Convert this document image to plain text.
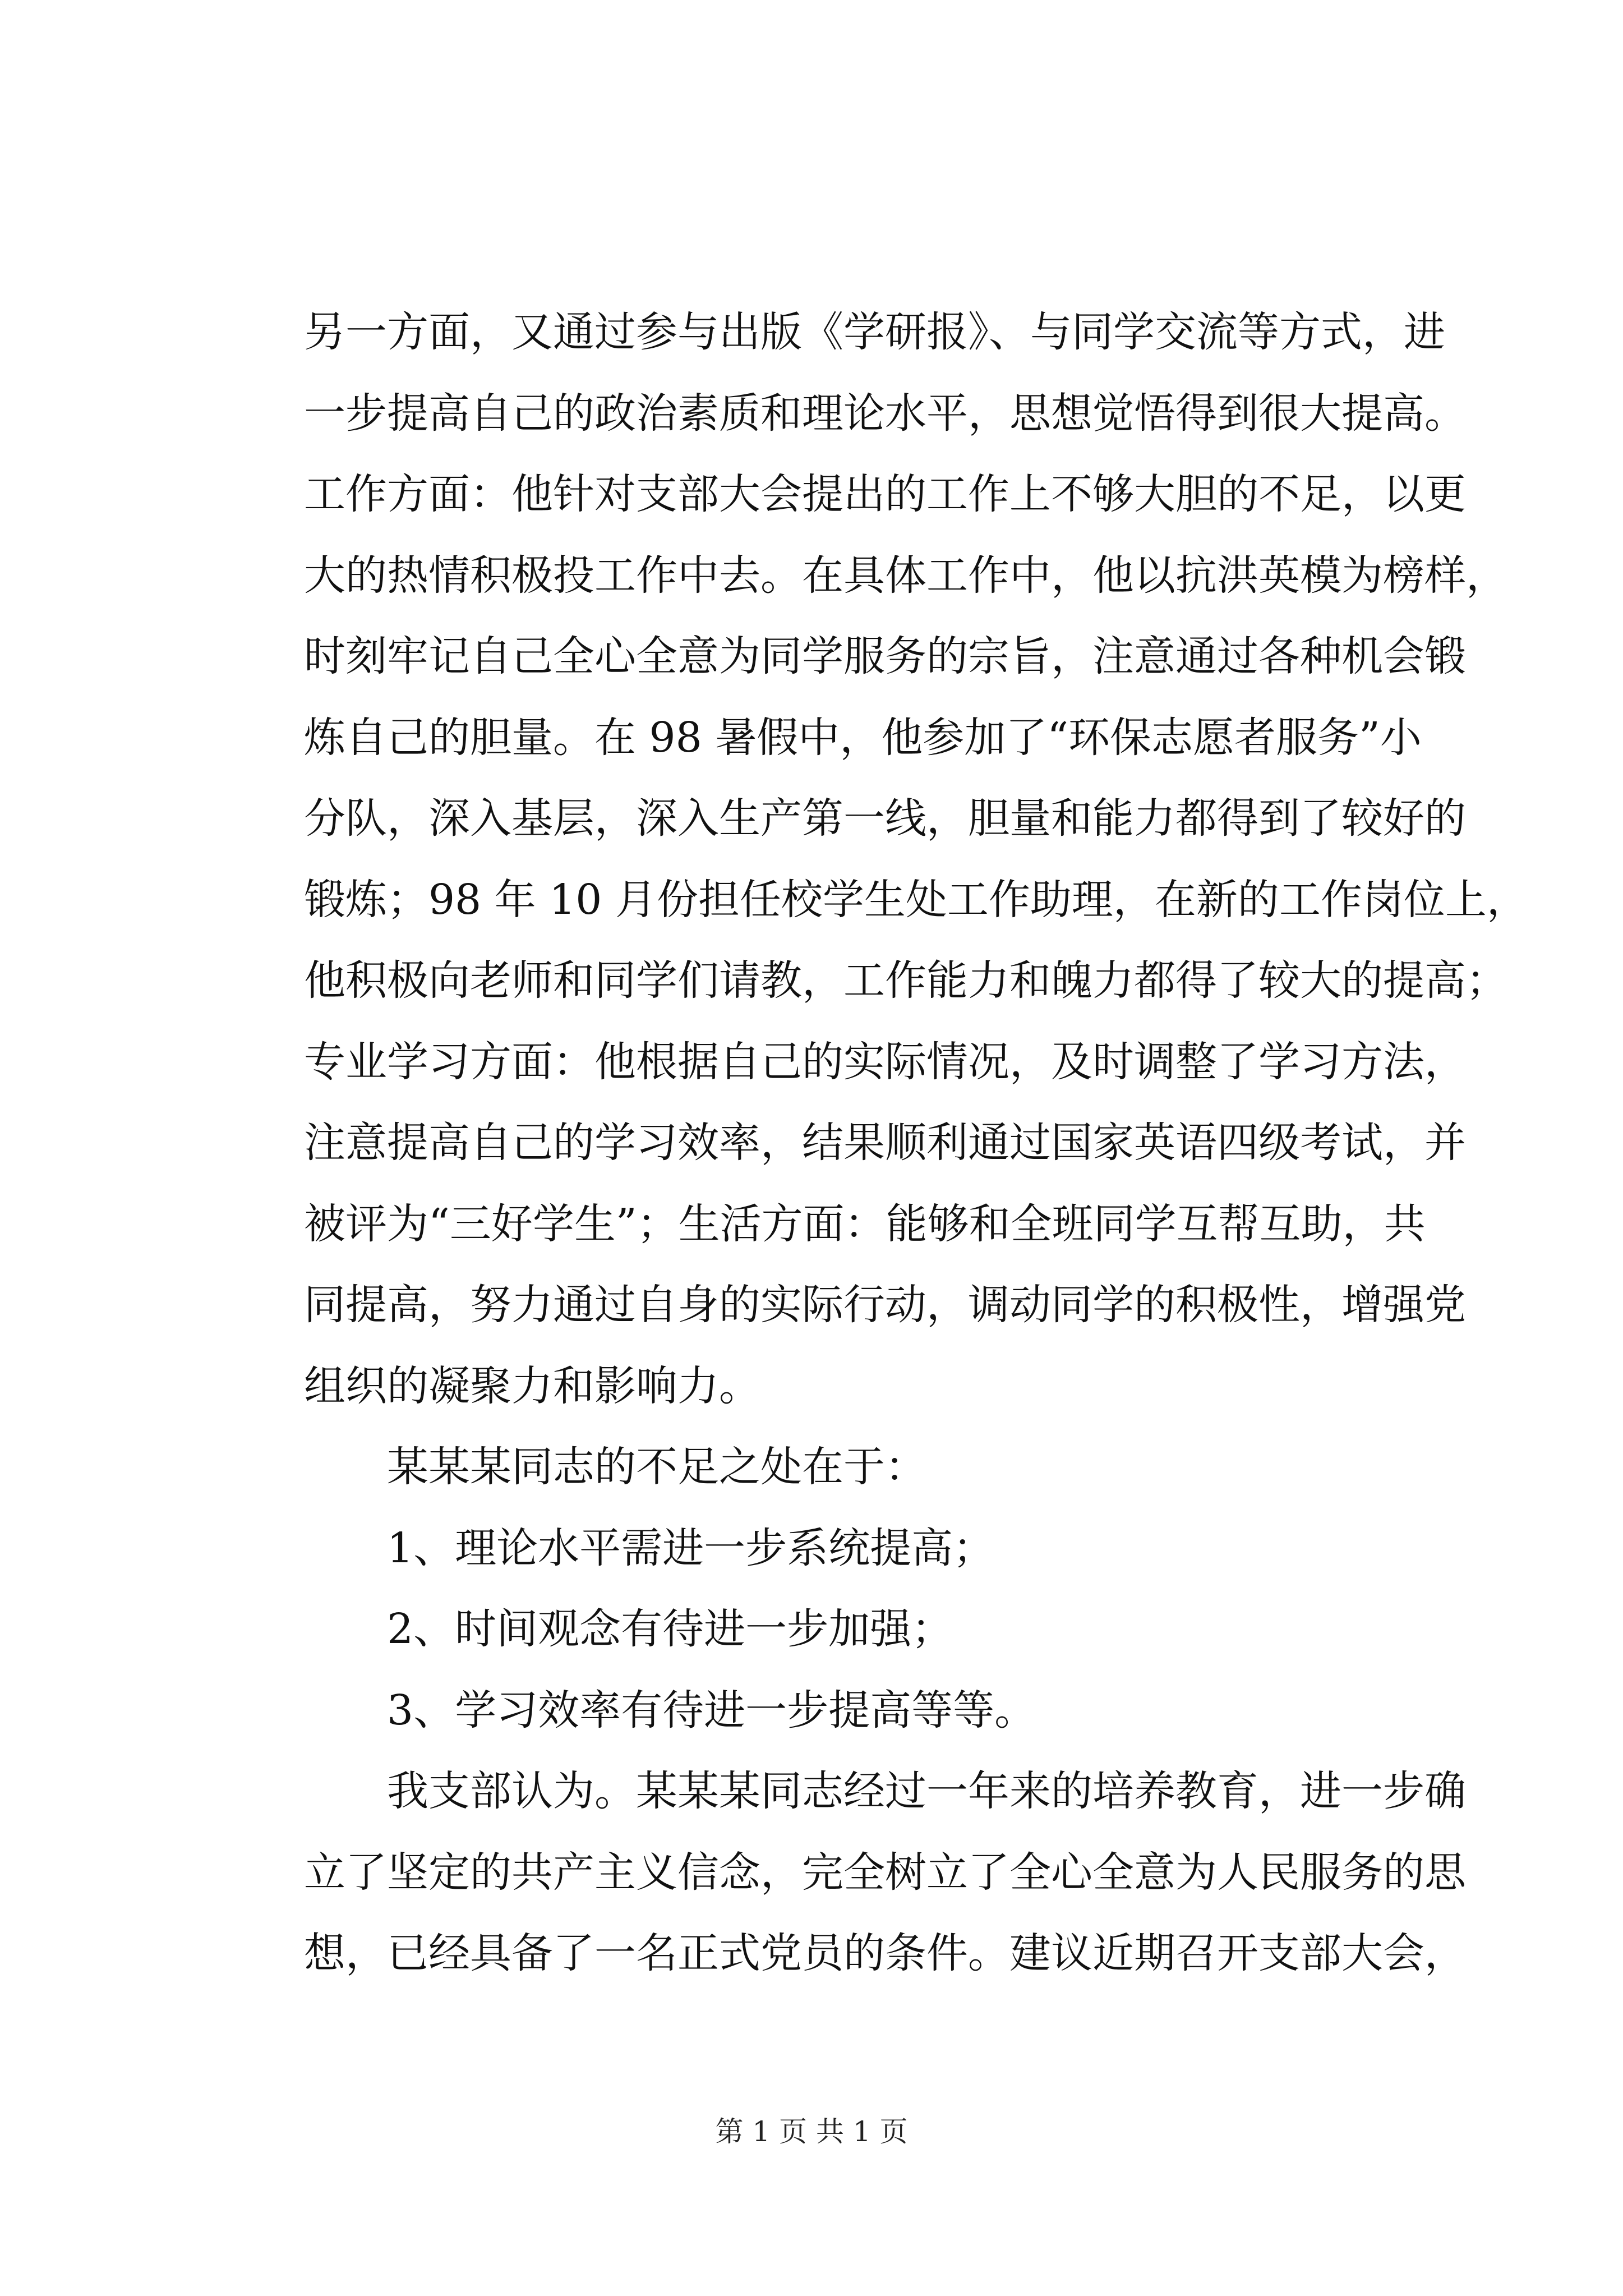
另一方面，又通过参与出版《学研报》、与同学交流等方式，进
一步提高自己的政治素质和理论水平，思想觉悟得到很大提高。
工作方面：他针对支部大会提出的工作上不够大胆的不足，以更
大的热情积极投工作中去。在具体工作中，他以抗洪英模为榜样，
时刻牢记自己全心全意为同学服务的宗旨，注意通过各种机会锻
炼自己的胆量。在 98 暑假中，他参加了“环保志愿者服务”小
分队，深入基层，深入生产第一线，胆量和能力都得到了较好的
锻炼；98 年 10 月份担任校学生处工作助理，在新的工作岗位上，
他积极向老师和同学们请教，工作能力和魄力都得了较大的提高；
专业学习方面：他根据自己的实际情况，及时调整了学习方法，
注意提高自己的学习效率，结果顺利通过国家英语四级考试，并
被评为“三好学生”；生活方面：能够和全班同学互帮互助，共
同提高，努力通过自身的实际行动，调动同学的积极性，增强党
组织的凝聚力和影响力。
　　某某某同志的不足之处在于：
　　1、理论水平需进一步系统提高；
　　2、时间观念有待进一步加强；
　　3、学习效率有待进一步提高等等。
　　我支部认为。某某某同志经过一年来的培养教育，进一步确
立了坚定的共产主义信念，完全树立了全心全意为人民服务的思
想，已经具备了一名正式党员的条件。建议近期召开支部大会，
第 1 页 共 1 页
